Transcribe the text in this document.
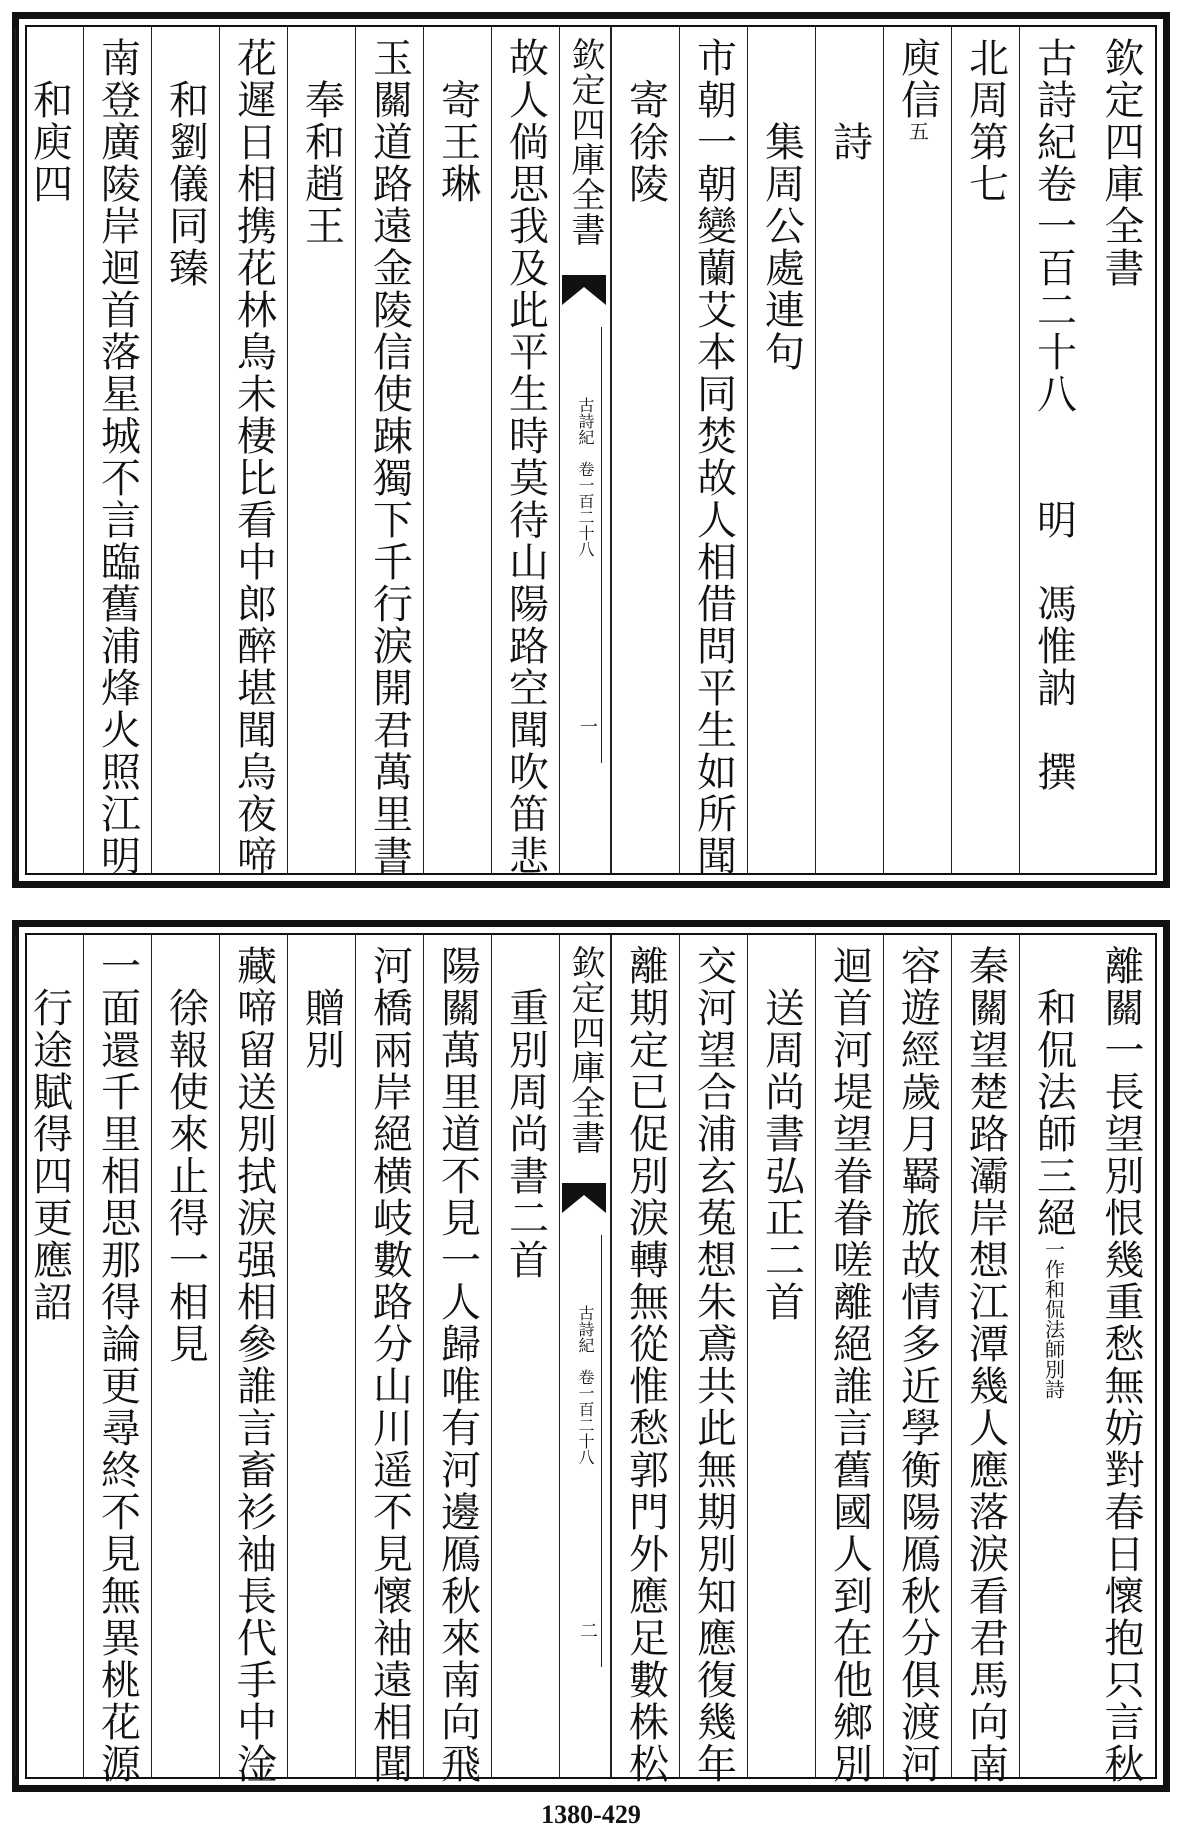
欽定四庫全書
古詩紀卷一百二十八　　明　馮惟訥　撰
北周第七
庾信五
　　詩
　　集周公處連句
市朝一朝變蘭艾本同焚故人相借問平生如所聞
　寄徐陵
欽定四庫全書
古詩紀　卷一百二十八
一
故人倘思我及此平生時莫待山陽路空聞吹笛悲
　寄王琳
玉關道路遠金陵信使踈獨下千行淚開君萬里書
　奉和趙王
花遲日相携花林鳥未棲比看中郎醉堪聞烏夜啼
　和劉儀同臻
南登廣陵岸迴首落星城不言臨舊浦烽火照江明
　和庾四
離關一長望別恨幾重愁無妨對春日懷抱只言秋
　和侃法師三絕一作和侃法師別詩
秦關望楚路灞岸想江潭幾人應落淚看君馬向南
容遊經歲月羇旅故情多近學衡陽鴈秋分俱渡河
迴首河堤望眷眷嗟離絕誰言舊國人到在他鄉別
　送周尚書弘正二首
交河望合浦玄菟想朱鳶共此無期別知應復幾年
離期定已促別淚轉無從惟愁郭門外應足數株松
欽定四庫全書
古詩紀　卷一百二十八
二
　重別周尚書二首
陽關萬里道不見一人歸唯有河邊鴈秋來南向飛
河橋兩岸絕横岐數路分山川遥不見懷袖遠相聞
　贈別
藏啼留送別拭淚强相參誰言畜衫袖長代手中淦
　徐報使來止得一相見
一面還千里相思那得論更尋終不見無異桃花源
　行途賦得四更應詔
1380-429
